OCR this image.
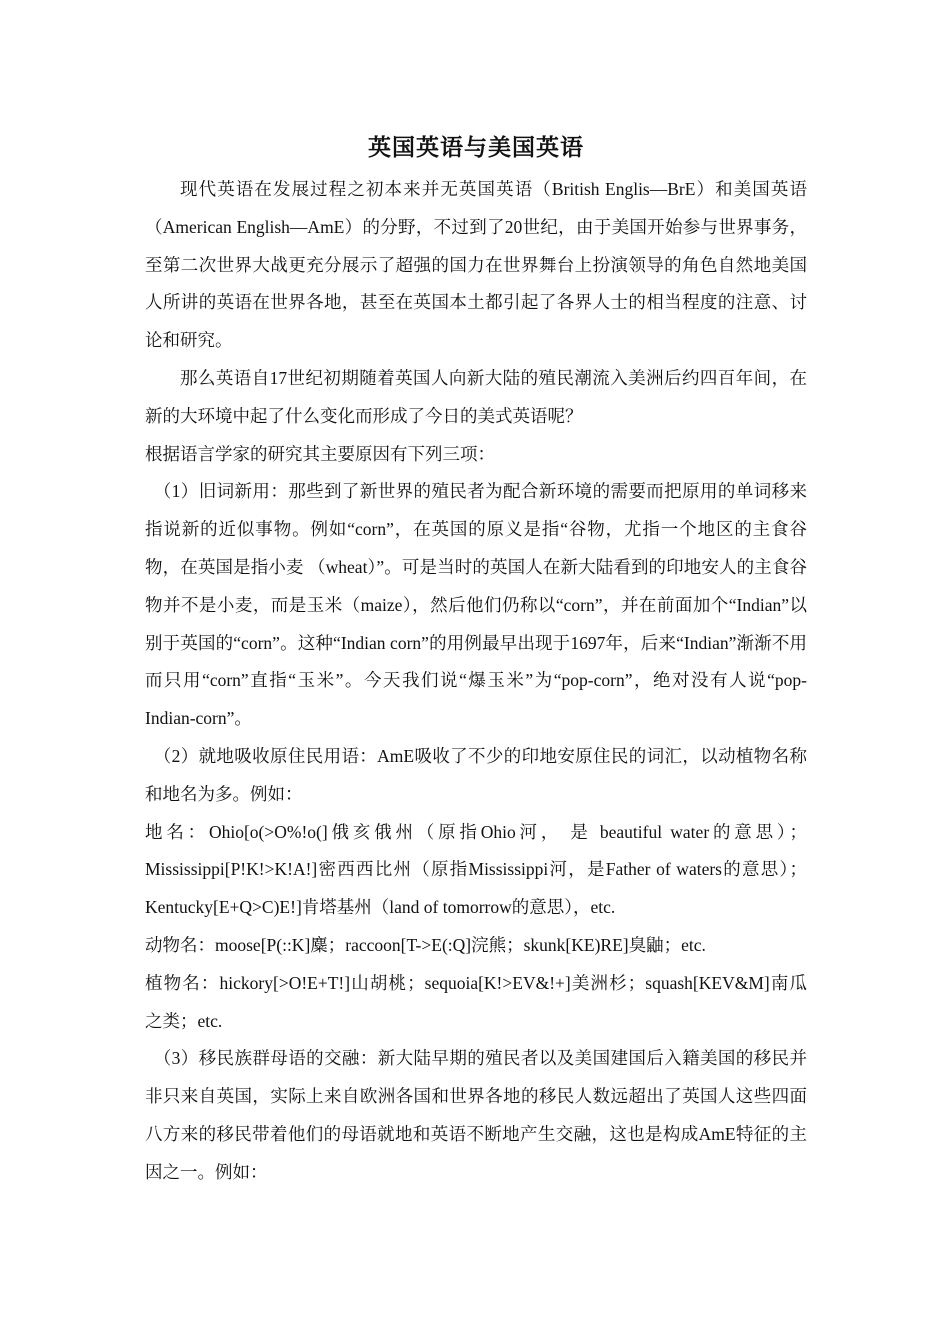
英国英语与美国英语

现代英语在发展过程之初本来并无英国英语（British Englis—BrE）和美国英语（American English—AmE）的分野，不过到了20世纪，由于美国开始参与世界事务，至第二次世界大战更充分展示了超强的国力在世界舞台上扮演领导的角色自然地美国人所讲的英语在世界各地，甚至在英国本土都引起了各界人士的相当程度的注意、讨论和研究。

那么英语自17世纪初期随着英国人向新大陆的殖民潮流入美洲后约四百年间，在新的大环境中起了什么变化而形成了今日的美式英语呢？

根据语言学家的研究其主要原因有下列三项：

（1）旧词新用：那些到了新世界的殖民者为配合新环境的需要而把原用的单词移来指说新的近似事物。例如“corn”，在英国的原义是指“谷物，尤指一个地区的主食谷物，在英国是指小麦 （wheat）”。可是当时的英国人在新大陆看到的印地安人的主食谷物并不是小麦，而是玉米（maize），然后他们仍称以“corn”，并在前面加个“Indian”以别于英国的“corn”。这种“Indian corn”的用例最早出现于1697年，后来“Indian”渐渐不用而只用“corn”直指“玉米”。今天我们说“爆玉米”为“pop-corn”，绝对没有人说“pop-Indian-corn”。

（2）就地吸收原住民用语：AmE吸收了不少的印地安原住民的词汇，以动植物名称和地名为多。例如：

地名：Ohio[o(>O%!o(]俄亥俄州（原指Ohio河， 是 beautiful water的意思）；Mississippi[P!K!>K!A!]密西西比州（原指Mississippi河，是Father of waters的意思）；Kentucky[E+Q>C)E!]肯塔基州（land of tomorrow的意思），etc.

动物名：moose[P(::K]麋；raccoon[T->E(:Q]浣熊；skunk[KE)RE]臭鼬；etc.

植物名：hickory[>O!E+T!]山胡桃；sequoia[K!>EV&!+]美洲杉；squash[KEV&M]南瓜之类；etc.

（3）移民族群母语的交融：新大陆早期的殖民者以及美国建国后入籍美国的移民并非只来自英国，实际上来自欧洲各国和世界各地的移民人数远超出了英国人这些四面八方来的移民带着他们的母语就地和英语不断地产生交融，这也是构成AmE特征的主因之一。例如：
